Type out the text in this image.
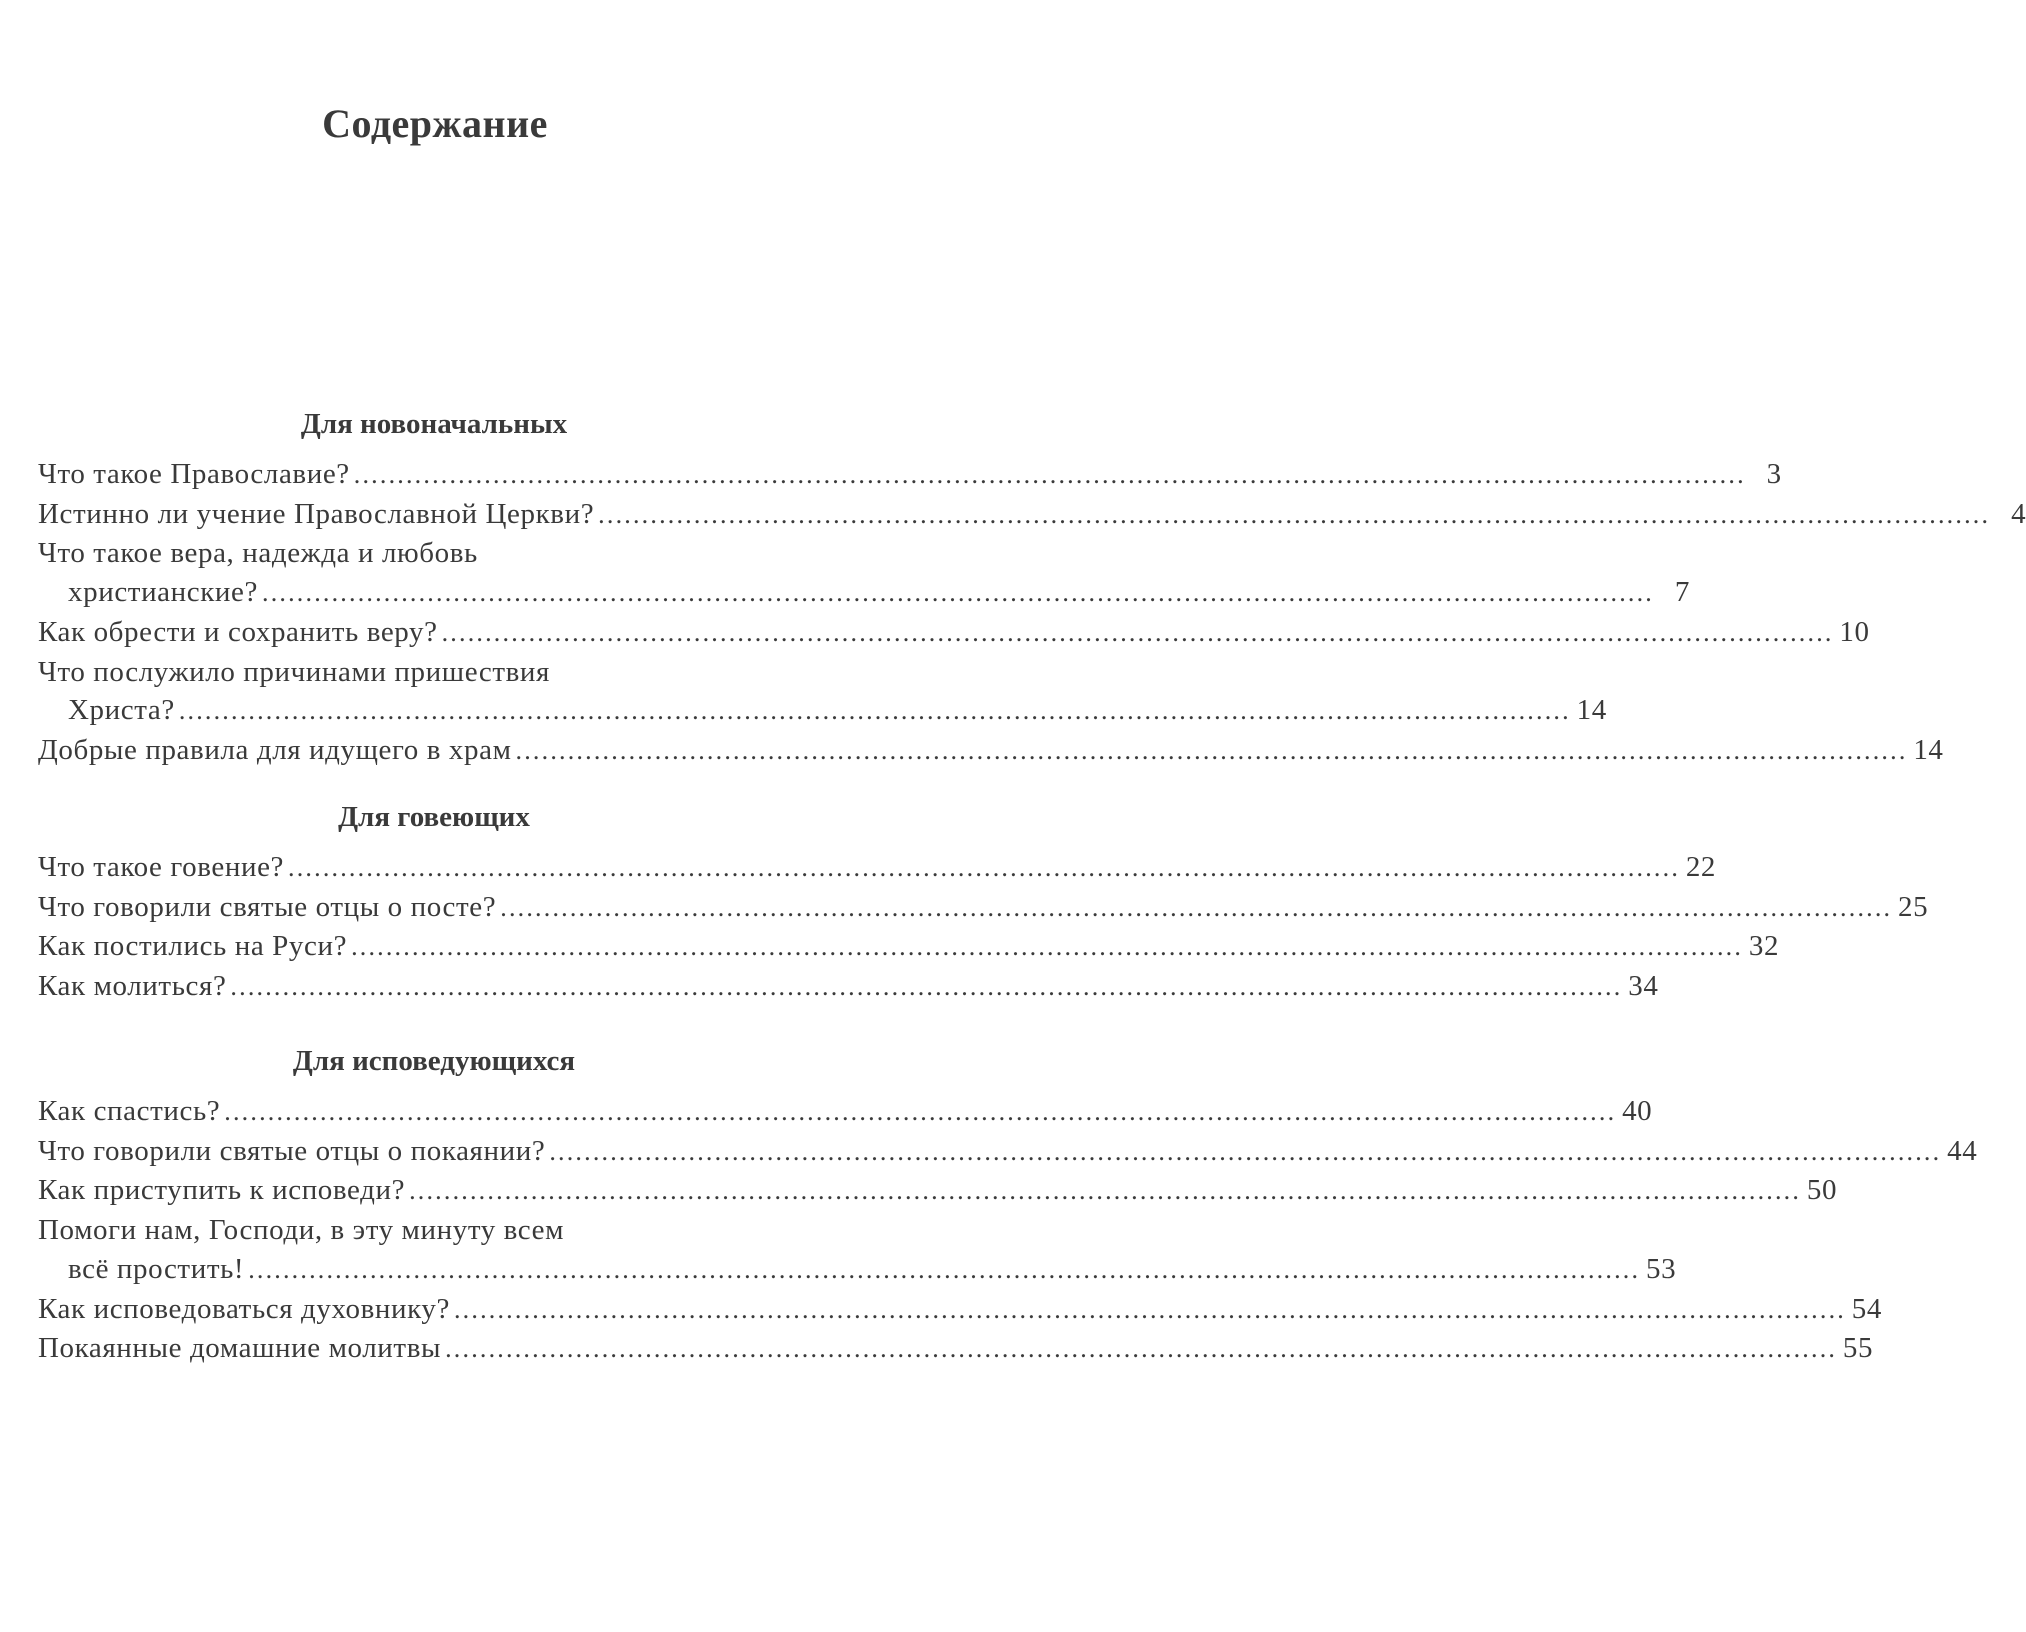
Содержание
Для новоначальных
Что такое Православие? ................................................................................................................................................................ 3
Истинно ли учение Православной Церкви? ................................................................................................................................................................ 4
Что такое вера, надежда и любовь
христианские? ................................................................................................................................................................ 7
Как обрести и сохранить веру? ................................................................................................................................................................ 10
Что послужило причинами пришествия
Христа? ................................................................................................................................................................ 14
Добрые правила для идущего в храм ................................................................................................................................................................ 14
Для говеющих
Что такое говение? ................................................................................................................................................................ 22
Что говорили святые отцы о посте? ................................................................................................................................................................ 25
Как постились на Руси? ................................................................................................................................................................ 32
Как молиться? ................................................................................................................................................................ 34
Для исповедующихся
Как спастись? ................................................................................................................................................................ 40
Что говорили святые отцы о покаянии? ................................................................................................................................................................ 44
Как приступить к исповеди? ................................................................................................................................................................ 50
Помоги нам, Господи, в эту минуту всем
всё простить! ................................................................................................................................................................ 53
Как исповедоваться духовнику? ................................................................................................................................................................ 54
Покаянные домашние молитвы ................................................................................................................................................................ 55
